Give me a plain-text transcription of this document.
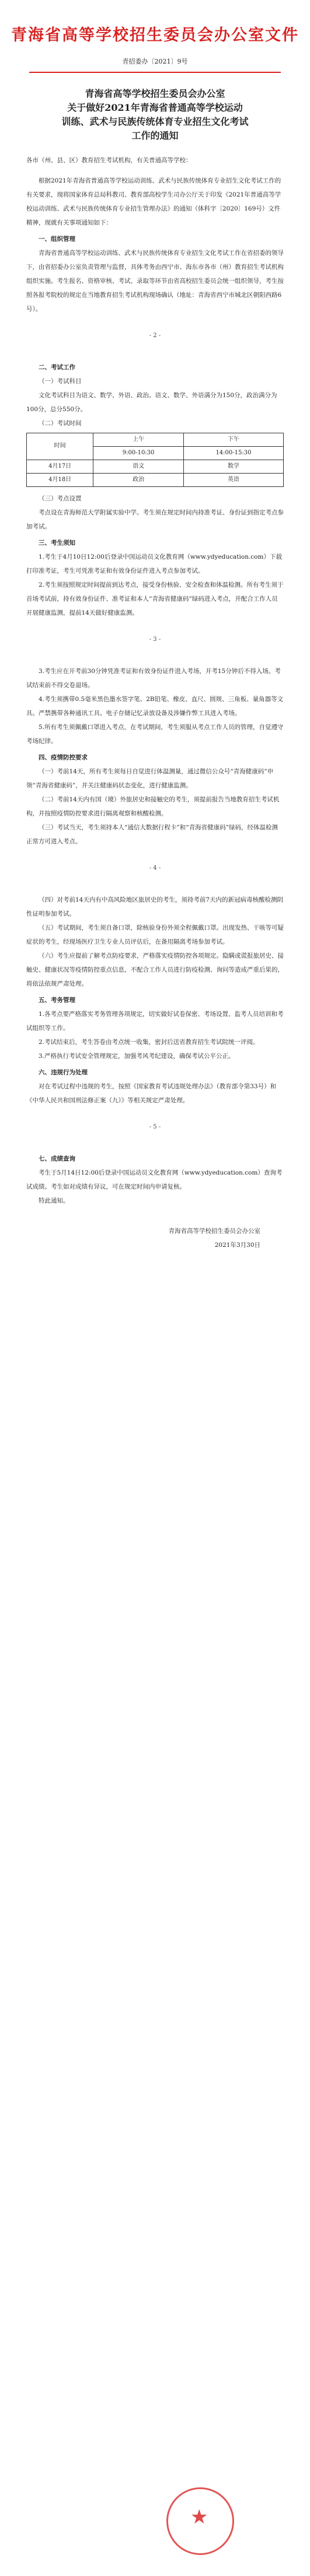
青海省高等学校招生委员会办公室文件
青招委办〔2021〕9号
青海省高等学校招生委员会办公室
关于做好2021年青海省普通高等学校运动
训练、武术与民族传统体育专业招生文化考试
工作的通知

各市（州、县、区）教育招生考试机构，有关普通高等学校：

根据2021年青海省普通高等学校运动训练、武术与民族传统体育专业招生文化考试工作的有关要求，现将国家体育总局科教司、教育部高校学生司办公厅关于印发《2021年普通高等学校运动训练、武术与民族传统体育专业招生管理办法》的通知（体科字〔2020〕169号）文件精神，现就有关事项通知如下：

一、组织管理

青海省普通高等学校运动训练、武术与民族传统体育专业招生文化考试工作在省招委的领导下，由省招委办公室负责管理与监督，具体考务由西宁市、海东市各市（州）教育招生考试机构组织实施。考生报名、资格审核、考试、录取等环节由省高校招生委员会统一组织领导，考生按照各报考院校的规定在当地教育招生考试机构现场确认（地址：青海省西宁市城北区朝阳西路6号）。

- 2 -

二、考试工作

（一）考试科目

文化考试科目为语文、数学、外语、政治。语文、数学、外语满分为150分，政治满分为100分，总分550分。

（二）考试时间

时间	上午	下午
	9:00-10:30	14:00-15:30
4月17日	语文	数学
4月18日	政治	英语

（三）考点设置

考点设在青海师范大学附属实验中学。考生须在规定时间内持准考证、身份证到指定考点参加考试。

三、考生须知

1.考生于4月10日12:00后登录中国运动员文化教育网（www.ydyeducation.com）下载打印准考证，考生可凭准考证和有效身份证件进入考点参加考试。

2.考生须按照规定时间提前到达考点，接受身份核验、安全检查和体温检测。所有考生须于首场考试前，持有效身份证件、准考证和本人“青海省健康码”绿码进入考点，并配合工作人员开展健康监测，提前14天做好健康监测。

- 3 -

3.考生应在开考前30分钟凭准考证和有效身份证件进入考场，开考15分钟后不得入场。考试结束前不得交卷退场。

4.考生须携带0.5毫米黑色墨水签字笔、2B铅笔、橡皮、直尺、圆规、三角板、量角器等文具。严禁携带各种通讯工具、电子存储记忆录放设备及涉嫌作弊工具进入考场。

5.所有考生须佩戴口罩进入考点，在考试期间，考生须服从考点工作人员的管理，自觉遵守考场纪律。

四、疫情防控要求

（一）考前14天，所有考生须每日自觉进行体温测量，通过微信公众号“青海健康码”申领“青海省健康码”，并关注健康码状态变化，进行健康监测。

（二）考前14天内有国（境）外旅居史和接触史的考生，须提前报告当地教育招生考试机构，并按照疫情防控要求进行隔离观察和核酸检测。

（三）考试当天，考生须持本人“通信大数据行程卡”和“青海省健康码”绿码，经体温检测正常方可进入考点。

- 4 -

（四）对考前14天内有中高风险地区旅居史的考生，须持考前7天内的新冠病毒核酸检测阴性证明参加考试。

（五）考试期间，考生须自备口罩，除核验身份外须全程佩戴口罩。出现发热、干咳等可疑症状的考生，经现场医疗卫生专业人员评估后，在备用隔离考场参加考试。

（六）考生应提前了解考点防疫要求，严格落实疫情防控各项规定。隐瞒或谎报旅居史、接触史、健康状况等疫情防控重点信息，不配合工作人员进行防疫检测、询问等造成严重后果的，将依法依规严肃处理。

五、考务管理

1.各考点要严格落实考务管理各项规定，切实做好试卷保密、考场设置、监考人员培训和考试组织等工作。

2.考试结束后，考生答卷由考点统一收集，密封后送省教育招生考试院统一评阅。

3.严格执行考试安全管理规定，加强考风考纪建设，确保考试公平公正。

六、违规行为处理

对在考试过程中违规的考生，按照《国家教育考试违规处理办法》（教育部令第33号）和《中华人民共和国刑法修正案（九）》等相关规定严肃处理。

- 5 -

七、成绩查询

考生于5月14日12:00后登录中国运动员文化教育网（www.ydyeducation.com）查询考试成绩。考生如对成绩有异议，可在规定时间内申请复核。

特此通知。

青海省高等学校招生委员会办公室
2021年3月30日
★
